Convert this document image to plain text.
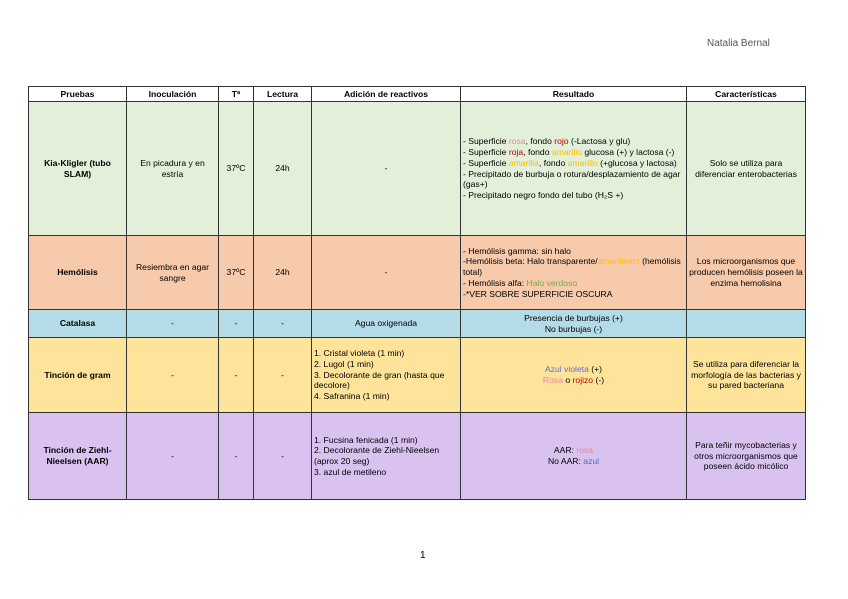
Natalia Bernal
Pruebas	Inoculación	Tª	Lectura	Adición de reactivos	Resultado	Características
Kia-Kligler (tubo SLAM)	En picadura y en estría	37ºC	24h	-	- Superficie rosa, fondo rojo (-Lactosa y glu)
- Superficie roja, fondo amarillo glucosa (+) y lactosa (-)
- Superficie amarilla, fondo amarillo (+glucosa y lactosa)
- Precipitado de burbuja o rotura/desplazamiento de agar (gas+)
- Precipitado negro fondo del tubo (H₂S +)	Solo se utiliza para diferenciar enterobacterias
Hemólisis	Resiembra en agar sangre	37ºC	24h	-	- Hemólisis gamma: sin halo
-Hemólisis beta: Halo transparente/amarillento (hemólisis total)
- Hemólisis alfa: Halo verdoso
-*VER SOBRE SUPERFICIE OSCURA	Los microorganismos que producen hemólisis poseen la enzima hemolisina
Catalasa	-	-	-	Agua oxigenada	Presencia de burbujas (+)
No burbujas (-)	

Tinción de gram	-	-	-	1. Cristal violeta (1 min)
2. Lugol (1 min)
3. Decolorante de gran (hasta que decolore)
4. Safranina (1 min)	Azul violeta (+)
Rosa o rojizo (-)	Se utiliza para diferenciar la morfología de las bacterias y su pared bacteriana
Tinción de Ziehl-Nieelsen (AAR)	-	-	-	1. Fucsina fenicada (1 min)
2. Decolorante de Ziehl-Nieelsen (aprox 20 seg)
3. azul de metileno	AAR: rosa
No AAR: azul	Para teñir mycobacterias y otros microorganismos que poseen ácido micólico
1
